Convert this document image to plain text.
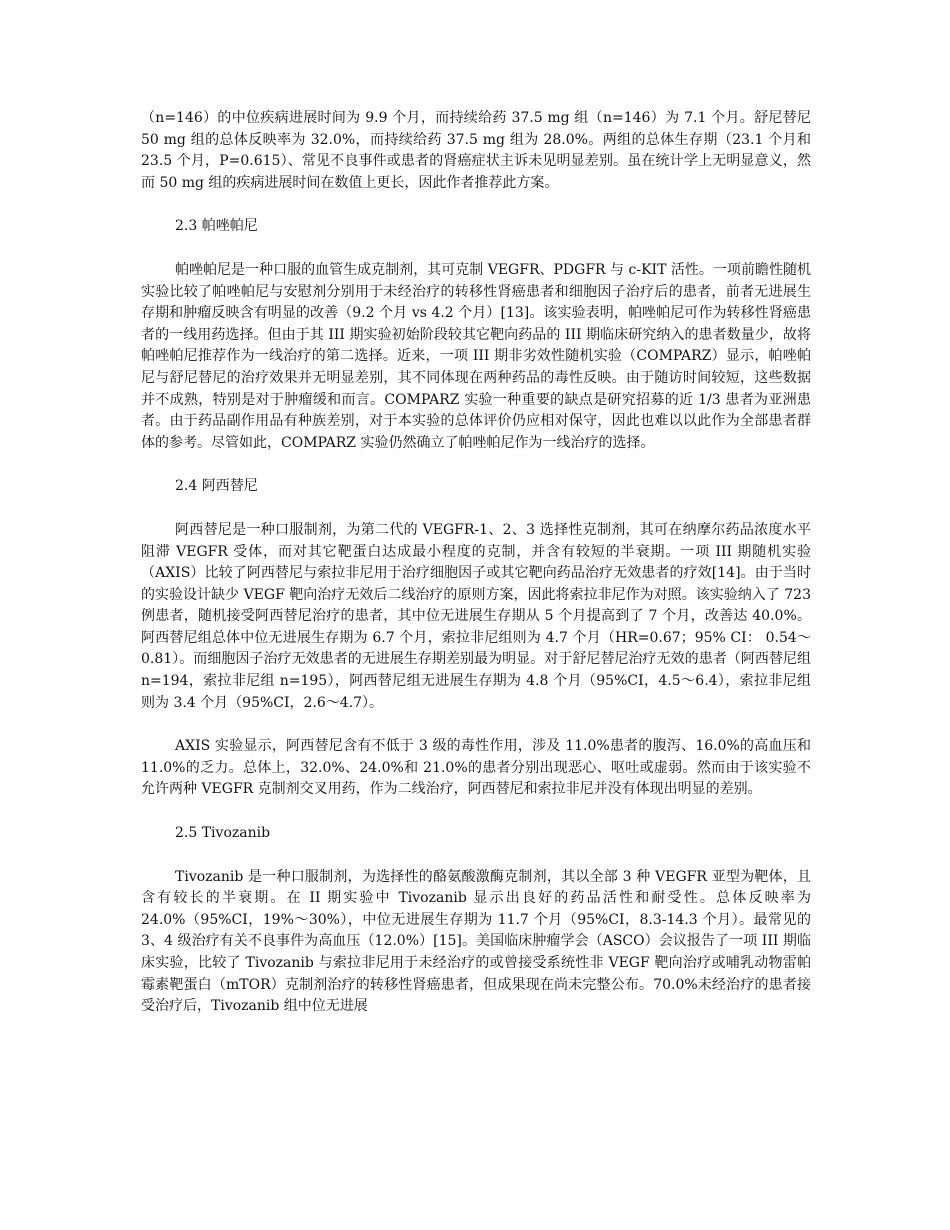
（n=146）的中位疾病进展时间为 9.9 个月，而持续给药 37.5 mg 组（n=146）为 7.1 个月。舒尼替尼 50 mg 组的总体反映率为 32.0%，而持续给药 37.5 mg 组为 28.0%。两组的总体生存期（23.1 个月和 23.5 个月，P=0.615）、常见不良事件或患者的肾癌症状主诉未见明显差别。虽在统计学上无明显意义，然而 50 mg 组的疾病进展时间在数值上更长，因此作者推荐此方案。

2.3 帕唑帕尼

帕唑帕尼是一种口服的血管生成克制剂，其可克制 VEGFR、PDGFR 与 c-KIT 活性。一项前瞻性随机实验比较了帕唑帕尼与安慰剂分别用于未经治疗的转移性肾癌患者和细胞因子治疗后的患者，前者无进展生存期和肿瘤反映含有明显的改善（9.2 个月 vs 4.2 个月）[13]。该实验表明，帕唑帕尼可作为转移性肾癌患者的一线用药选择。但由于其 III 期实验初始阶段较其它靶向药品的 III 期临床研究纳入的患者数量少，故将帕唑帕尼推荐作为一线治疗的第二选择。近来，一项 III 期非劣效性随机实验（COMPARZ）显示，帕唑帕尼与舒尼替尼的治疗效果并无明显差别，其不同体现在两种药品的毒性反映。由于随访时间较短，这些数据并不成熟，特别是对于肿瘤缓和而言。COMPARZ 实验一种重要的缺点是研究招募的近 1/3 患者为亚洲患者。由于药品副作用品有种族差别，对于本实验的总体评价仍应相对保守，因此也难以以此作为全部患者群体的参考。尽管如此，COMPARZ 实验仍然确立了帕唑帕尼作为一线治疗的选择。

2.4 阿西替尼

阿西替尼是一种口服制剂，为第二代的 VEGFR-1、2、3 选择性克制剂，其可在纳摩尔药品浓度水平阻滞 VEGFR 受体，而对其它靶蛋白达成最小程度的克制，并含有较短的半衰期。一项 III 期随机实验（AXIS）比较了阿西替尼与索拉非尼用于治疗细胞因子或其它靶向药品治疗无效患者的疗效[14]。由于当时的实验设计缺少 VEGF 靶向治疗无效后二线治疗的原则方案，因此将索拉非尼作为对照。该实验纳入了 723 例患者，随机接受阿西替尼治疗的患者，其中位无进展生存期从 5 个月提高到了 7 个月，改善达 40.0%。阿西替尼组总体中位无进展生存期为 6.7 个月，索拉非尼组则为 4.7 个月（HR=0.67；95% CI： 0.54～0.81）。而细胞因子治疗无效患者的无进展生存期差别最为明显。对于舒尼替尼治疗无效的患者（阿西替尼组 n=194，索拉非尼组 n=195），阿西替尼组无进展生存期为 4.8 个月（95%CI，4.5～6.4），索拉非尼组则为 3.4 个月（95%CI，2.6～4.7）。

AXIS 实验显示，阿西替尼含有不低于 3 级的毒性作用，涉及 11.0%患者的腹泻、16.0%的高血压和 11.0%的乏力。总体上，32.0%、24.0%和 21.0%的患者分别出现恶心、呕吐或虚弱。然而由于该实验不允许两种 VEGFR 克制剂交叉用药，作为二线治疗，阿西替尼和索拉非尼并没有体现出明显的差别。

2.5 Tivozanib

Tivozanib 是一种口服制剂，为选择性的酪氨酸激酶克制剂，其以全部 3 种 VEGFR 亚型为靶体，且含有较长的半衰期。在 II 期实验中 Tivozanib 显示出良好的药品活性和耐受性。总体反映率为 24.0%（95%CI，19%～30%），中位无进展生存期为 11.7 个月（95%CI，8.3-14.3 个月）。最常见的 3、4 级治疗有关不良事件为高血压（12.0%）[15]。美国临床肿瘤学会（ASCO）会议报告了一项 III 期临床实验，比较了 Tivozanib 与索拉非尼用于未经治疗的或曾接受系统性非 VEGF 靶向治疗或哺乳动物雷帕霉素靶蛋白（mTOR）克制剂治疗的转移性肾癌患者，但成果现在尚未完整公布。70.0%未经治疗的患者接受治疗后，Tivozanib 组中位无进展
